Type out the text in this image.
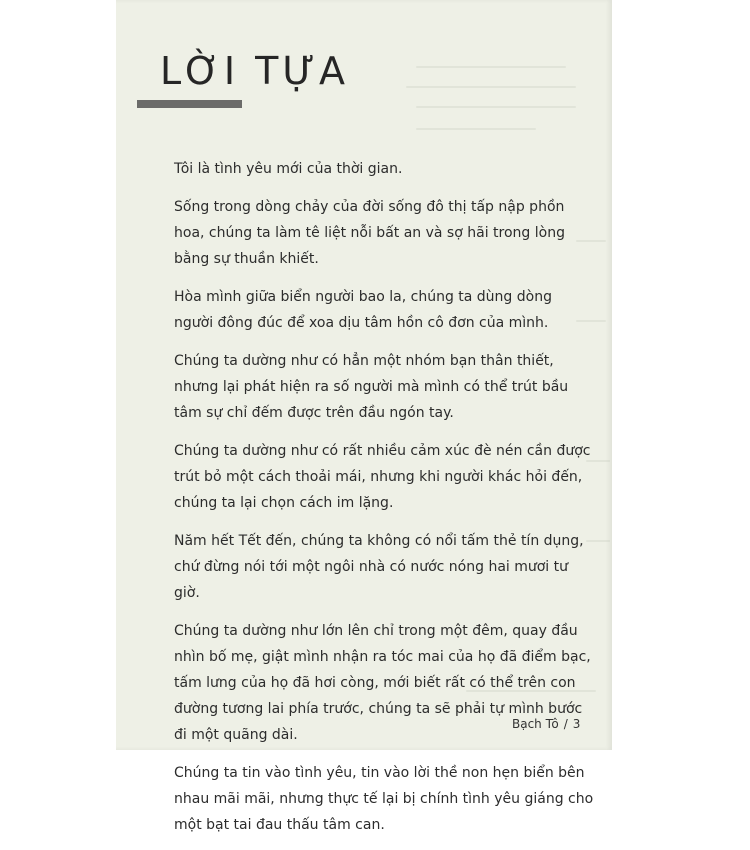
LỜI TỰA

Tôi là tình yêu mới của thời gian.

Sống trong dòng chảy của đời sống đô thị tấp nập phồn hoa, chúng ta làm tê liệt nỗi bất an và sợ hãi trong lòng bằng sự thuần khiết.

Hòa mình giữa biển người bao la, chúng ta dùng dòng người đông đúc để xoa dịu tâm hồn cô đơn của mình.

Chúng ta dường như có hẳn một nhóm bạn thân thiết, nhưng lại phát hiện ra số người mà mình có thể trút bầu tâm sự chỉ đếm được trên đầu ngón tay.

Chúng ta dường như có rất nhiều cảm xúc đè nén cần được trút bỏ một cách thoải mái, nhưng khi người khác hỏi đến, chúng ta lại chọn cách im lặng.

Năm hết Tết đến, chúng ta không có nổi tấm thẻ tín dụng, chứ đừng nói tới một ngôi nhà có nước nóng hai mươi tư giờ.

Chúng ta dường như lớn lên chỉ trong một đêm, quay đầu nhìn bố mẹ, giật mình nhận ra tóc mai của họ đã điểm bạc, tấm lưng của họ đã hơi còng, mới biết rất có thể trên con đường tương lai phía trước, chúng ta sẽ phải tự mình bước đi một quãng dài.

Chúng ta tin vào tình yêu, tin vào lời thề non hẹn biển bên nhau mãi mãi, nhưng thực tế lại bị chính tình yêu giáng cho một bạt tai đau thấu tâm can.

Bạch Tô / 3
